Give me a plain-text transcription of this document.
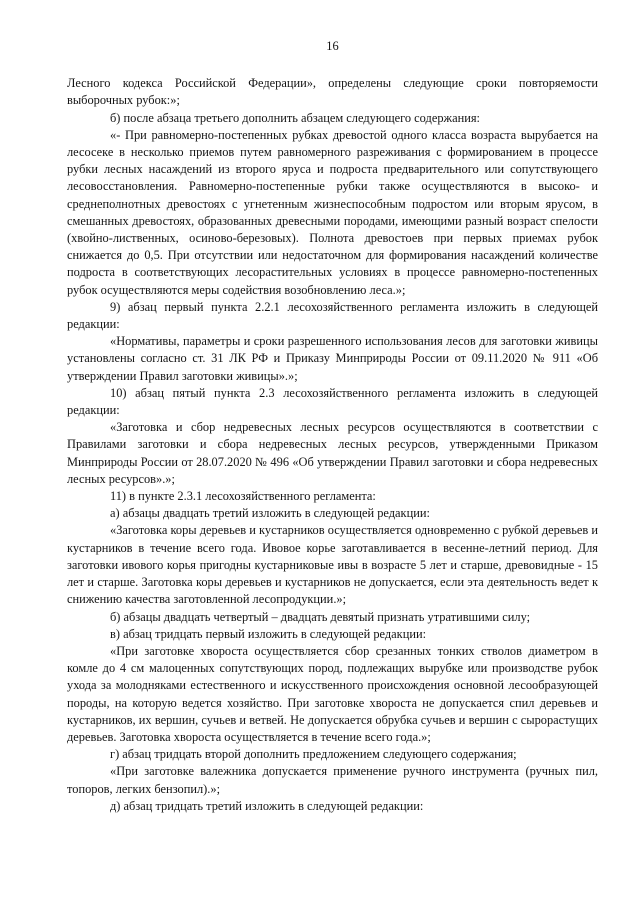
16

Лесного кодекса Российской Федерации», определены следующие сроки повторяемости выборочных рубок:»;

б) после абзаца третьего дополнить абзацем следующего содержания:

«- При равномерно-постепенных рубках древостой одного класса возраста вырубается на лесосеке в несколько приемов путем равномерного разреживания с формированием в процессе рубки лесных насаждений из второго яруса и подроста предварительного или сопутствующего лесовосстановления. Равномерно-постепенные рубки также осуществляются в высоко- и среднеполнотных древостоях с угнетенным жизнеспособным подростом или вторым ярусом, в смешанных древостоях, образованных древесными породами, имеющими разный возраст спелости (хвойно-лиственных, осиново-березовых). Полнота древостоев при первых приемах рубок снижается до 0,5. При отсутствии или недостаточном для формирования насаждений количестве подроста в соответствующих лесорастительных условиях в процессе равномерно-постепенных рубок осуществляются меры содействия возобновлению леса.»;

9) абзац первый пункта 2.2.1 лесохозяйственного регламента изложить в следующей редакции:

«Нормативы, параметры и сроки разрешенного использования лесов для заготовки живицы установлены согласно ст. 31 ЛК РФ и Приказу Минприроды России от 09.11.2020 № 911 «Об утверждении Правил заготовки живицы».»;

10) абзац пятый пункта 2.3 лесохозяйственного регламента изложить в следующей редакции:

«Заготовка и сбор недревесных лесных ресурсов осуществляются в соответствии с Правилами заготовки и сбора недревесных лесных ресурсов, утвержденными Приказом Минприроды России от 28.07.2020 № 496 «Об утверждении Правил заготовки и сбора недревесных лесных ресурсов».»;

11) в пункте 2.3.1 лесохозяйственного регламента:

а) абзацы двадцать третий изложить в следующей редакции:

«Заготовка коры деревьев и кустарников осуществляется одновременно с рубкой деревьев и кустарников в течение всего года. Ивовое корье заготавливается в весенне-летний период. Для заготовки ивового корья пригодны кустарниковые ивы в возрасте 5 лет и старше, древовидные - 15 лет и старше. Заготовка коры деревьев и кустарников не допускается, если эта деятельность ведет к снижению качества заготовленной лесопродукции.»;

б) абзацы двадцать четвертый – двадцать девятый признать утратившими силу;

в) абзац тридцать первый изложить в следующей редакции:

«При заготовке хвороста осуществляется сбор срезанных тонких стволов диаметром в комле до 4 см малоценных сопутствующих пород, подлежащих вырубке или производстве рубок ухода за молодняками естественного и искусственного происхождения основной лесообразующей породы, на которую ведется хозяйство. При заготовке хвороста не допускается спил деревьев и кустарников, их вершин, сучьев и ветвей. Не допускается обрубка сучьев и вершин с сырорастущих деревьев. Заготовка хвороста осуществляется в течение всего года.»;

г) абзац тридцать второй дополнить предложением следующего содержания;

«При заготовке валежника допускается применение ручного инструмента (ручных пил, топоров, легких бензопил).»;

д) абзац тридцать третий изложить в следующей редакции:
